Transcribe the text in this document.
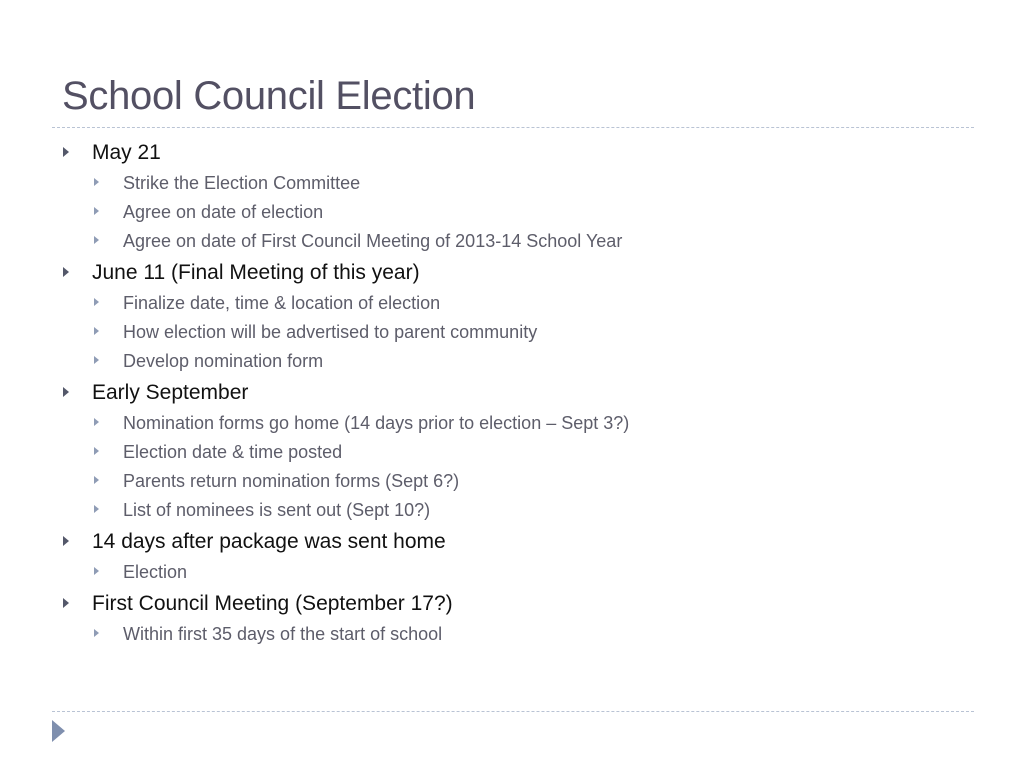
School Council Election
May 21
Strike the Election Committee
Agree on date of election
Agree on date of First Council Meeting of 2013-14 School Year
June 11 (Final Meeting of this year)
Finalize date, time & location of election
How election will be advertised to parent community
Develop nomination form
Early September
Nomination forms go home (14 days prior to election – Sept 3?)
Election date & time posted
Parents return nomination forms (Sept 6?)
List of nominees is sent out (Sept 10?)
14 days after package was sent home
Election
First Council Meeting (September 17?)
Within first 35 days of the start of school
